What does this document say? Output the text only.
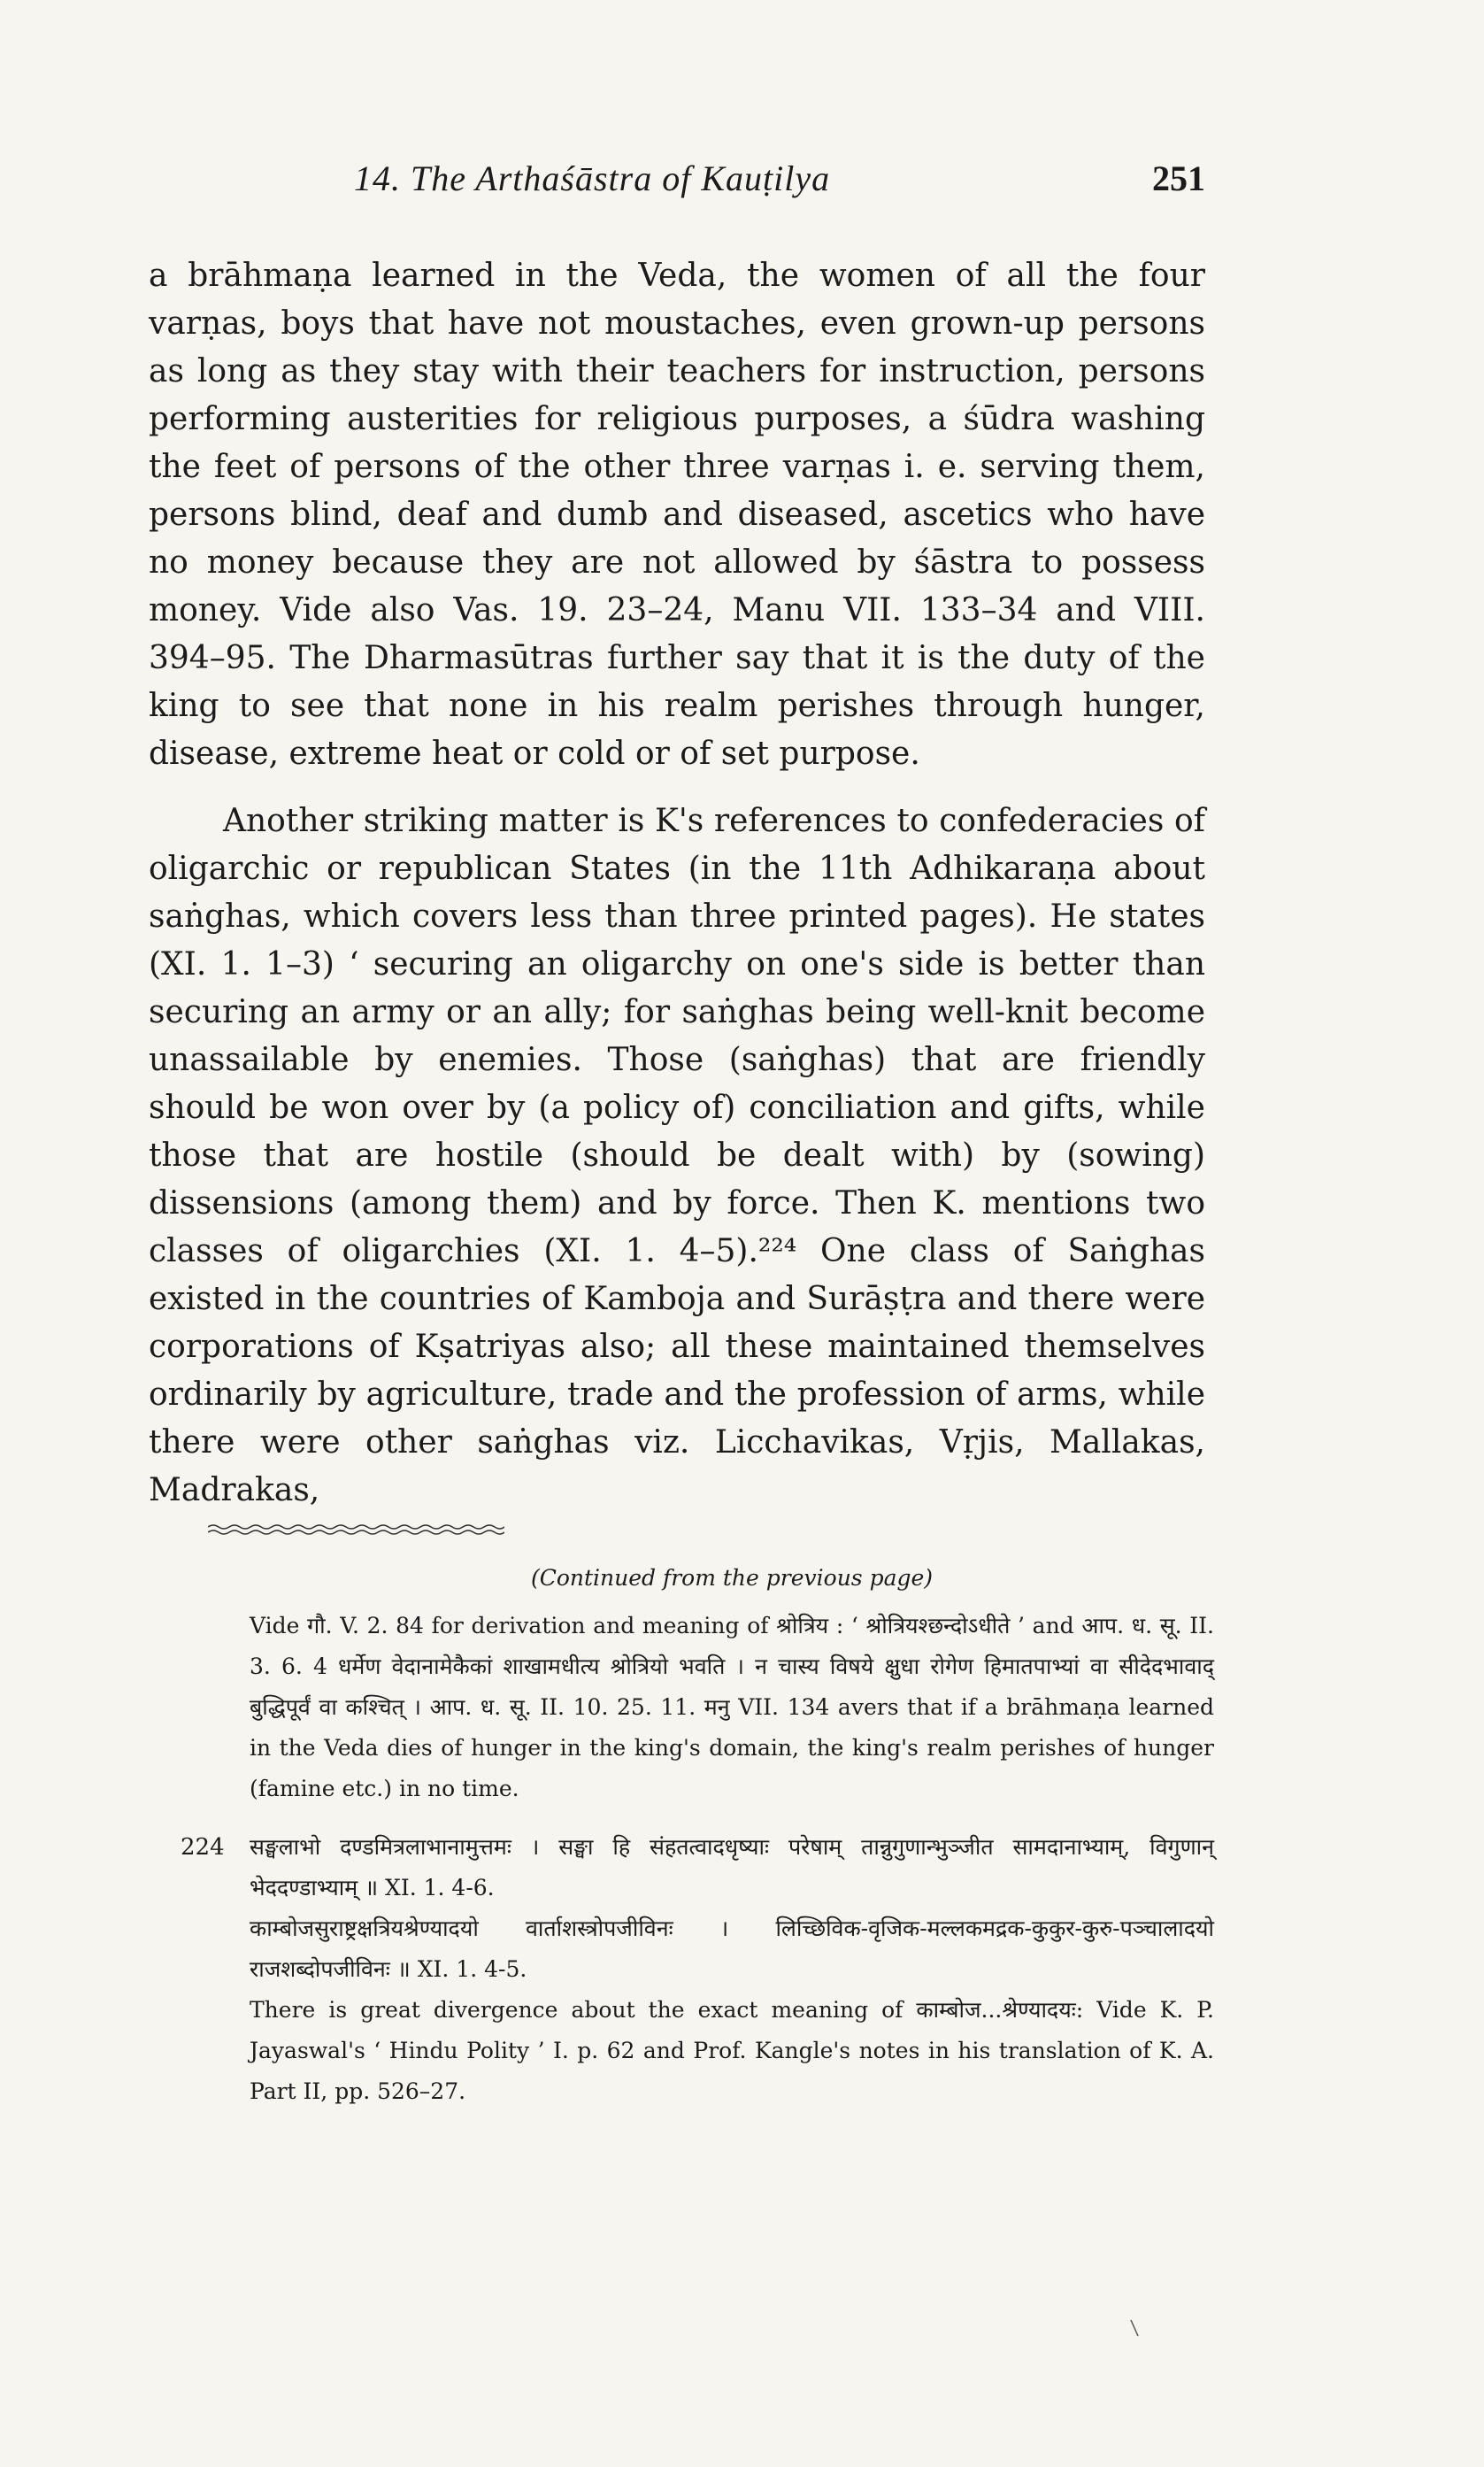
14. The Arthaśāstra of Kauṭilya	251

a brāhmaṇa learned in the Veda, the women of all the four varṇas, boys that have not moustaches, even grown-up persons as long as they stay with their teachers for instruction, persons performing austerities for religious purposes, a śūdra washing the feet of persons of the other three varṇas i. e. serving them, persons blind, deaf and dumb and diseased, ascetics who have no money because they are not allowed by śāstra to possess money. Vide also Vas. 19. 23–24, Manu VII. 133–34 and VIII. 394–95. The Dharmasūtras further say that it is the duty of the king to see that none in his realm perishes through hunger, disease, extreme heat or cold or of set purpose.

Another striking matter is K's references to confederacies of oligarchic or republican States (in the 11th Adhikaraṇa about saṅghas, which covers less than three printed pages). He states (XI. 1. 1–3) ‘ securing an oligarchy on one's side is better than securing an army or an ally; for saṅghas being well-knit become unassailable by enemies. Those (saṅghas) that are friendly should be won over by (a policy of) conciliation and gifts, while those that are hostile (should be dealt with) by (sowing) dissensions (among them) and by force. Then K. mentions two classes of oligarchies (XI. 1. 4–5).²²⁴ One class of Saṅghas existed in the countries of Kamboja and Surāṣṭra and there were corporations of Kṣatriyas also; all these maintained themselves ordinarily by agriculture, trade and the profession of arms, while there were other saṅghas viz. Licchavikas, Vṛjis, Mallakas, Madrakas,

(Continued from the previous page)

Vide गौ. V. 2. 84 for derivation and meaning of श्रोत्रिय : ‘ श्रोत्रियश्छन्दोऽधीते ’ and आप. ध. सू. II. 3. 6. 4 धर्मेण वेदानामेकैकां शाखामधीत्य श्रोत्रियो भवति । न चास्य विषये क्षुधा रोगेण हिमातपाभ्यां वा सीदेदभावाद् बुद्धिपूर्वं वा कश्चित् । आप. ध. सू. II. 10. 25. 11. मनु VII. 134 avers that if a brāhmaṇa learned in the Veda dies of hunger in the king's domain, the king's realm perishes of hunger (famine etc.) in no time.

224 सङ्घलाभो दण्डमित्रलाभानामुत्तमः । सङ्घा हि संहतत्वादधृष्याः परेषाम् तान्नुगुणान्भुञ्जीत सामदानाभ्याम्, विगुणान् भेददण्डाभ्याम् ॥ XI. 1. 4-6.

काम्बोजसुराष्ट्रक्षत्रियश्रेण्यादयो वार्ताशस्त्रोपजीविनः । लिच्छिविक-वृजिक-मल्लकमद्रक-कुकुर-कुरु-पञ्चालादयो राजशब्दोपजीविनः ॥ XI. 1. 4-5.

There is great divergence about the exact meaning of काम्बोज...श्रेण्यादयः: Vide K. P. Jayaswal's ‘ Hindu Polity ’ I. p. 62 and Prof. Kangle's notes in his translation of K. A. Part II, pp. 526–27.
